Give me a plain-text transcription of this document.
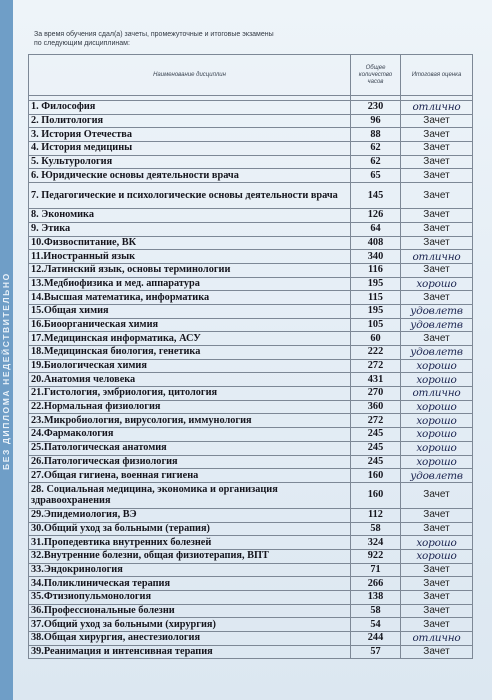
БЕЗ ДИПЛОМА НЕДЕЙСТВИТЕЛЬНО
За время обучения сдал(а) зачеты, промежуточные и итоговые экзамены
по следующим дисциплинам:
Наименование дисциплин	Общее количество часов	Итоговая оценка

1. Философия	230	отлично
2. Политология	96	Зачет
3. История Отечества	88	Зачет
4. История медицины	62	Зачет
5. Культурология	62	Зачет
6. Юридические основы деятельности врача	65	Зачет
7. Педагогические и психологические основы деятельности врача	145	Зачет
8. Экономика	126	Зачет
9. Этика	64	Зачет
10.Физвоспитание, ВК	408	Зачет
11.Иностранный язык	340	отлично
12.Латинский язык, основы терминологии	116	Зачет
13.Медбиофизика и мед. аппаратура	195	хорошо
14.Высшая математика, информатика	115	Зачет
15.Общая химия	195	удовлетв
16.Биоорганическая химия	105	удовлетв
17.Медицинская информатика, АСУ	60	Зачет
18.Медицинская биология, генетика	222	удовлетв
19.Биологическая химия	272	хорошо
20.Анатомия человека	431	хорошо
21.Гистология, эмбриология, цитология	270	отлично
22.Нормальная физиология	360	хорошо
23.Микробиология, вирусология, иммунология	272	хорошо
24.Фармакология	245	хорошо
25.Патологическая анатомия	245	хорошо
26.Патологическая физиология	245	хорошо
27.Общая гигиена, военная гигиена	160	удовлетв
28. Социальная медицина, экономика и организация здравоохранения	160	Зачет
29.Эпидемиология, ВЭ	112	Зачет
30.Общий уход за больными (терапия)	58	Зачет
31.Пропедевтика внутренних болезней	324	хорошо
32.Внутренние болезни, общая физиотерапия, ВПТ	922	хорошо
33.Эндокринология	71	Зачет
34.Поликлиническая терапия	266	Зачет
35.Фтизиопульмонология	138	Зачет
36.Профессиональные болезни	58	Зачет
37.Общий уход за больными (хирургия)	54	Зачет
38.Общая хирургия, анестезиология	244	отлично
39.Реанимация и интенсивная терапия	57	Зачет
